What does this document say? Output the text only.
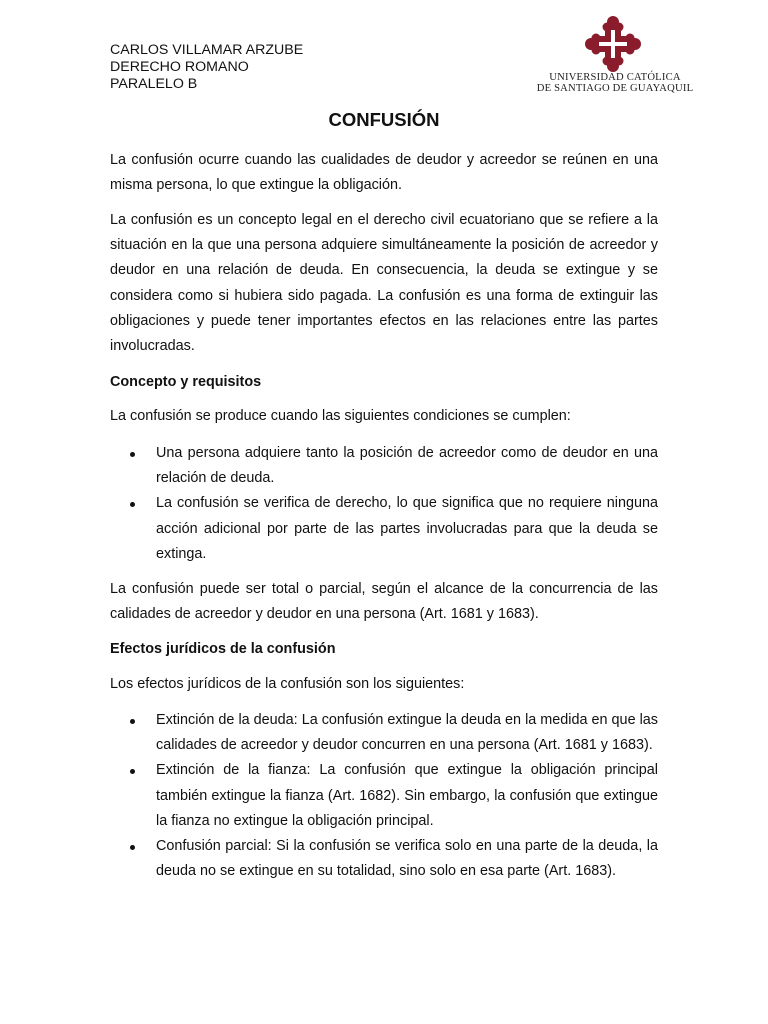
CARLOS VILLAMAR ARZUBE
DERECHO ROMANO
PARALELO B	UNIVERSIDAD CATÓLICA
DE SANTIAGO DE GUAYAQUIL
CONFUSIÓN
La confusión ocurre cuando las cualidades de deudor y acreedor se reúnen en una misma persona, lo que extingue la obligación.
La confusión es un concepto legal en el derecho civil ecuatoriano que se refiere a la situación en la que una persona adquiere simultáneamente la posición de acreedor y deudor en una relación de deuda. En consecuencia, la deuda se extingue y se considera como si hubiera sido pagada. La confusión es una forma de extinguir las obligaciones y puede tener importantes efectos en las relaciones entre las partes involucradas.
Concepto y requisitos
La confusión se produce cuando las siguientes condiciones se cumplen:
Una persona adquiere tanto la posición de acreedor como de deudor en una relación de deuda.
La confusión se verifica de derecho, lo que significa que no requiere ninguna acción adicional por parte de las partes involucradas para que la deuda se extinga.
La confusión puede ser total o parcial, según el alcance de la concurrencia de las calidades de acreedor y deudor en una persona (Art. 1681 y 1683).
Efectos jurídicos de la confusión
Los efectos jurídicos de la confusión son los siguientes:
Extinción de la deuda: La confusión extingue la deuda en la medida en que las calidades de acreedor y deudor concurren en una persona (Art. 1681 y 1683).
Extinción de la fianza: La confusión que extingue la obligación principal también extingue la fianza (Art. 1682). Sin embargo, la confusión que extingue la fianza no extingue la obligación principal.
Confusión parcial: Si la confusión se verifica solo en una parte de la deuda, la deuda no se extingue en su totalidad, sino solo en esa parte (Art. 1683).
